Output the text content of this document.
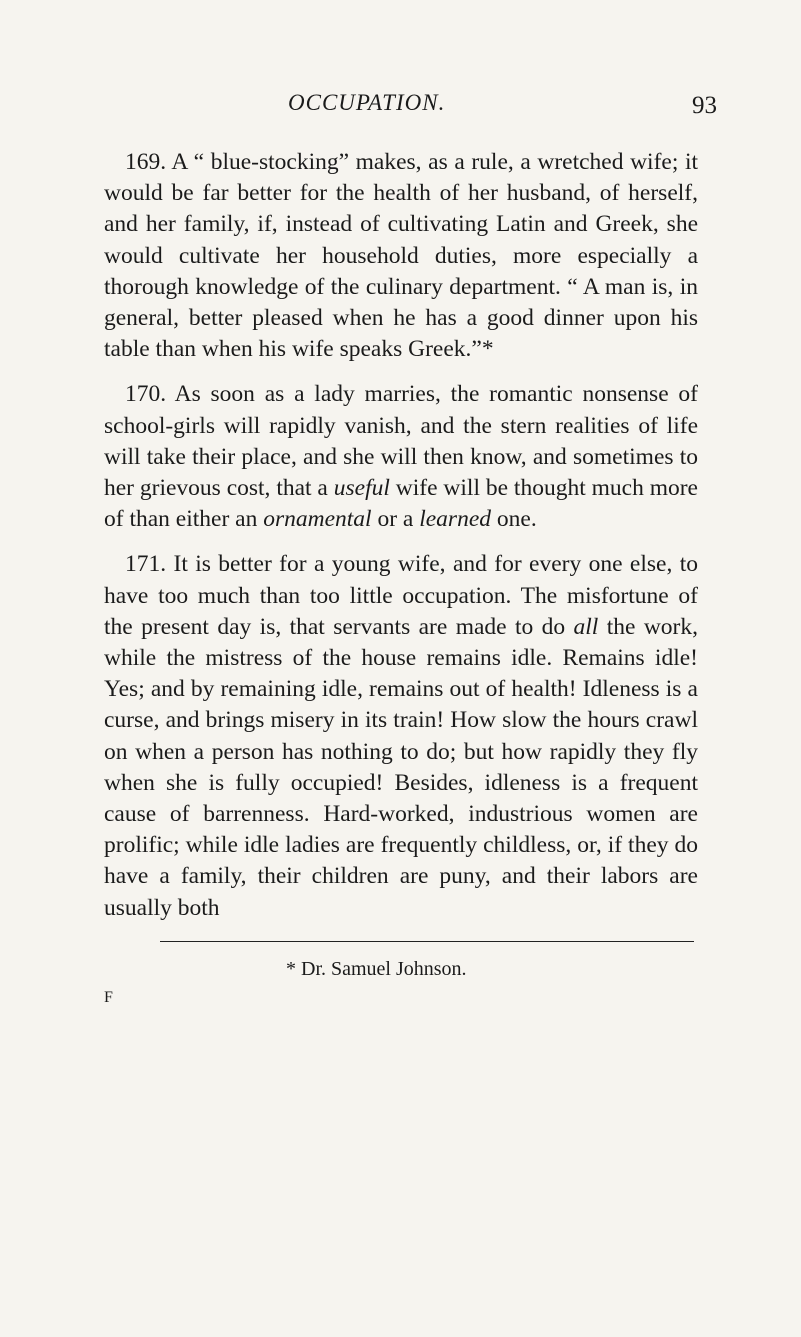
OCCUPATION.	93

169. A “ blue-stocking” makes, as a rule, a wretched wife; it would be far better for the health of her husband, of herself, and her family, if, instead of cultivating Latin and Greek, she would cultivate her household duties, more especially a thorough knowledge of the culinary department. “ A man is, in general, better pleased when he has a good dinner upon his table than when his wife speaks Greek.”*

170. As soon as a lady marries, the romantic nonsense of school-girls will rapidly vanish, and the stern realities of life will take their place, and she will then know, and sometimes to her grievous cost, that a useful wife will be thought much more of than either an ornamental or a learned one.

171. It is better for a young wife, and for every one else, to have too much than too little occupation. The misfortune of the present day is, that servants are made to do all the work, while the mistress of the house remains idle. Remains idle! Yes; and by remaining idle, remains out of health! Idleness is a curse, and brings misery in its train! How slow the hours crawl on when a person has nothing to do; but how rapidly they fly when she is fully occupied! Besides, idleness is a frequent cause of barrenness. Hard-worked, industrious women are prolific; while idle ladies are frequently childless, or, if they do have a family, their children are puny, and their labors are usually both

* Dr. Samuel Johnson.
F
